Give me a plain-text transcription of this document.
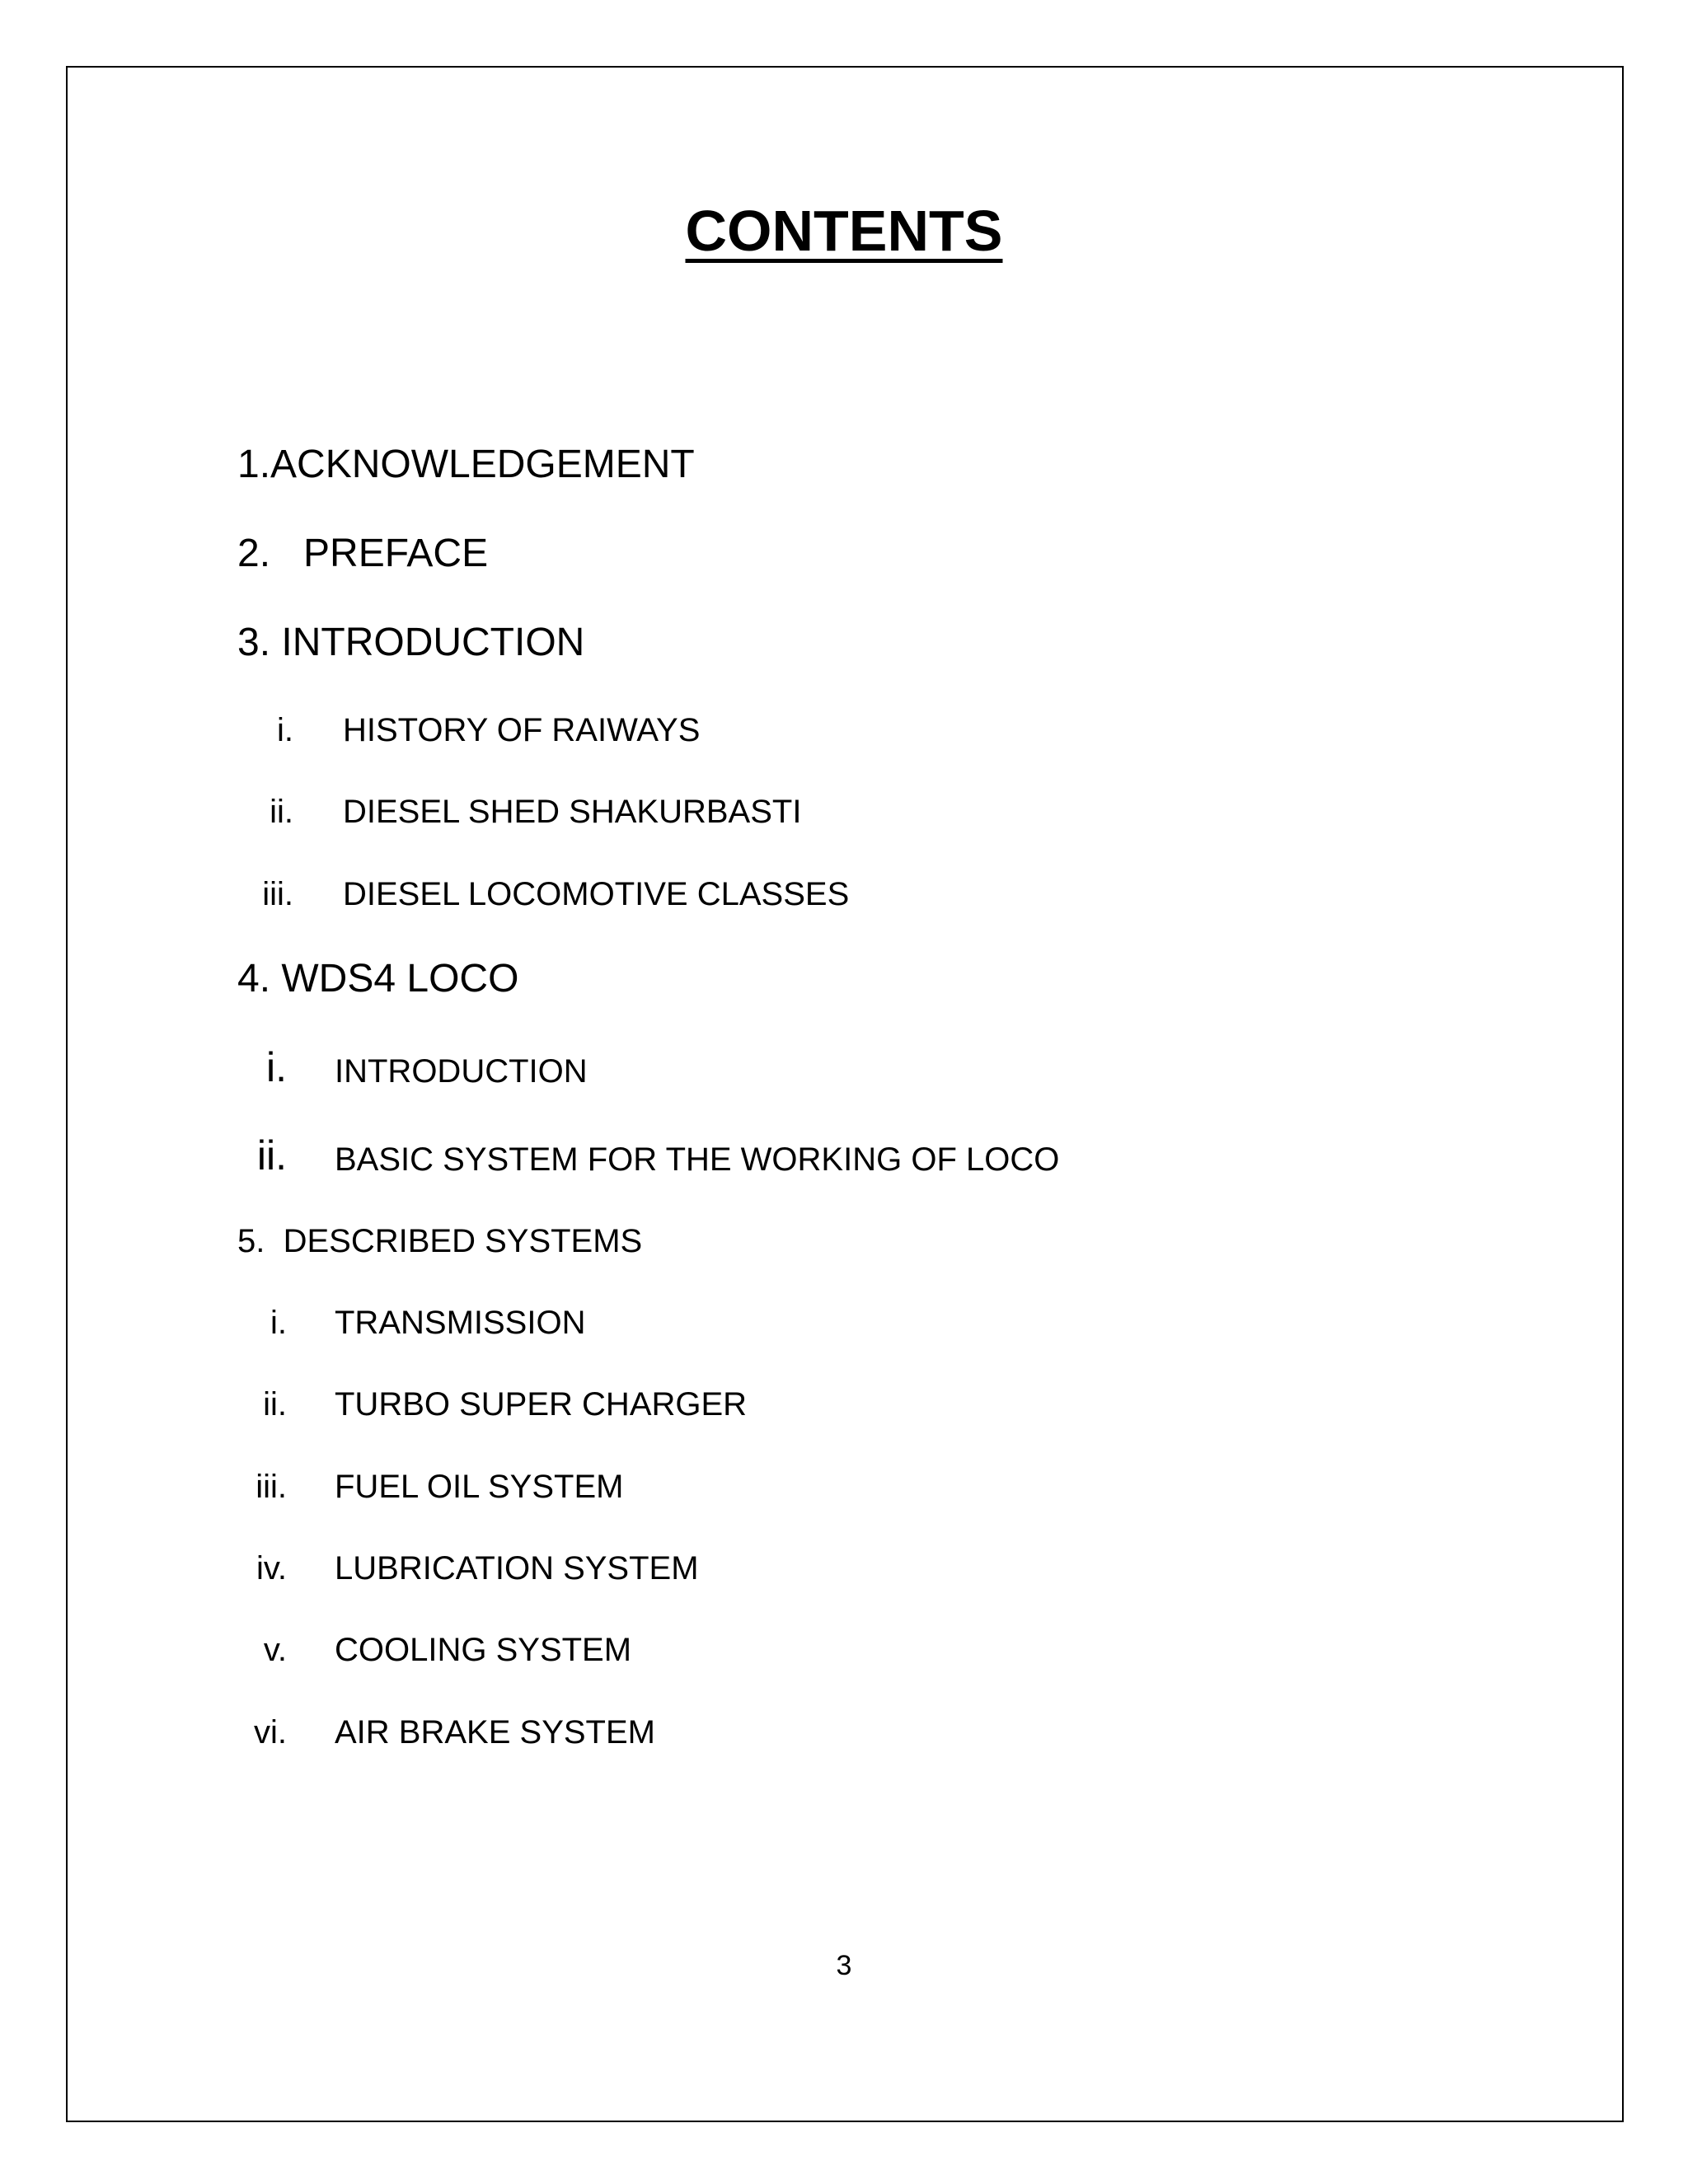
CONTENTS
1.ACKNOWLEDGEMENT
2.   PREFACE
3. INTRODUCTION
i. HISTORY OF RAIWAYS
ii. DIESEL SHED SHAKURBASTI
iii. DIESEL LOCOMOTIVE CLASSES
4. WDS4 LOCO
i. INTRODUCTION
ii. BASIC SYSTEM FOR THE WORKING OF LOCO
5.  DESCRIBED SYSTEMS
i. TRANSMISSION
ii. TURBO SUPER CHARGER
iii. FUEL OIL SYSTEM
iv. LUBRICATION SYSTEM
v. COOLING SYSTEM
vi. AIR BRAKE SYSTEM
3
